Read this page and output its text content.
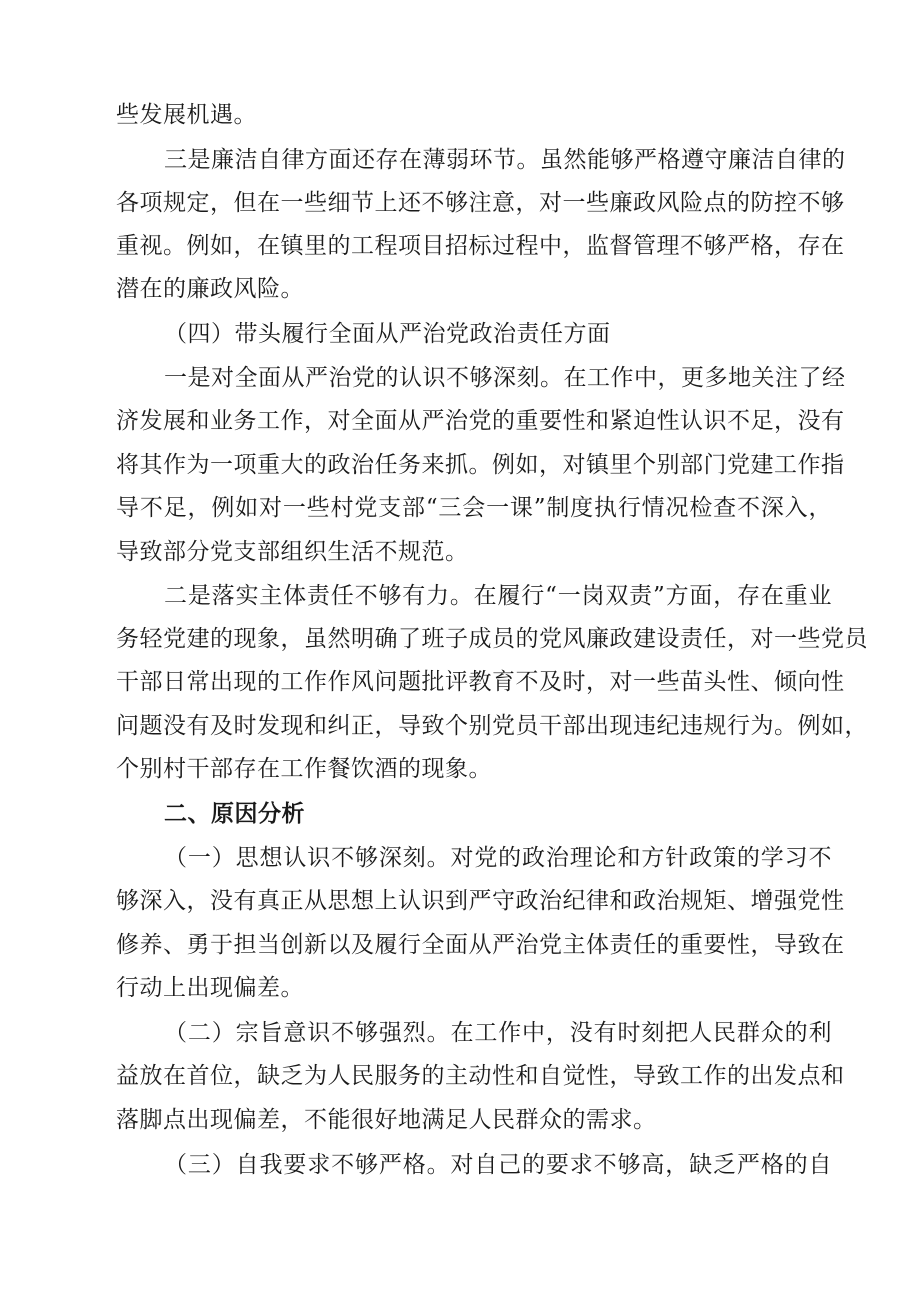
些发展机遇。
三是廉洁自律方面还存在薄弱环节。虽然能够严格遵守廉洁自律的
各项规定，但在一些细节上还不够注意，对一些廉政风险点的防控不够
重视。例如，在镇里的工程项目招标过程中，监督管理不够严格，存在
潜在的廉政风险。
（四）带头履行全面从严治党政治责任方面
一是对全面从严治党的认识不够深刻。在工作中，更多地关注了经
济发展和业务工作，对全面从严治党的重要性和紧迫性认识不足，没有
将其作为一项重大的政治任务来抓。例如，对镇里个别部门党建工作指
导不足，例如对一些村党支部“三会一课”制度执行情况检查不深入，
导致部分党支部组织生活不规范。
二是落实主体责任不够有力。在履行“一岗双责”方面，存在重业
务轻党建的现象，虽然明确了班子成员的党风廉政建设责任，对一些党员
干部日常出现的工作作风问题批评教育不及时，对一些苗头性、倾向性
问题没有及时发现和纠正，导致个别党员干部出现违纪违规行为。例如，
个别村干部存在工作餐饮酒的现象。
二、原因分析
（一）思想认识不够深刻。对党的政治理论和方针政策的学习不
够深入，没有真正从思想上认识到严守政治纪律和政治规矩、增强党性
修养、勇于担当创新以及履行全面从严治党主体责任的重要性，导致在
行动上出现偏差。
（二）宗旨意识不够强烈。在工作中，没有时刻把人民群众的利
益放在首位，缺乏为人民服务的主动性和自觉性，导致工作的出发点和
落脚点出现偏差，不能很好地满足人民群众的需求。
（三）自我要求不够严格。对自己的要求不够高，缺乏严格的自
